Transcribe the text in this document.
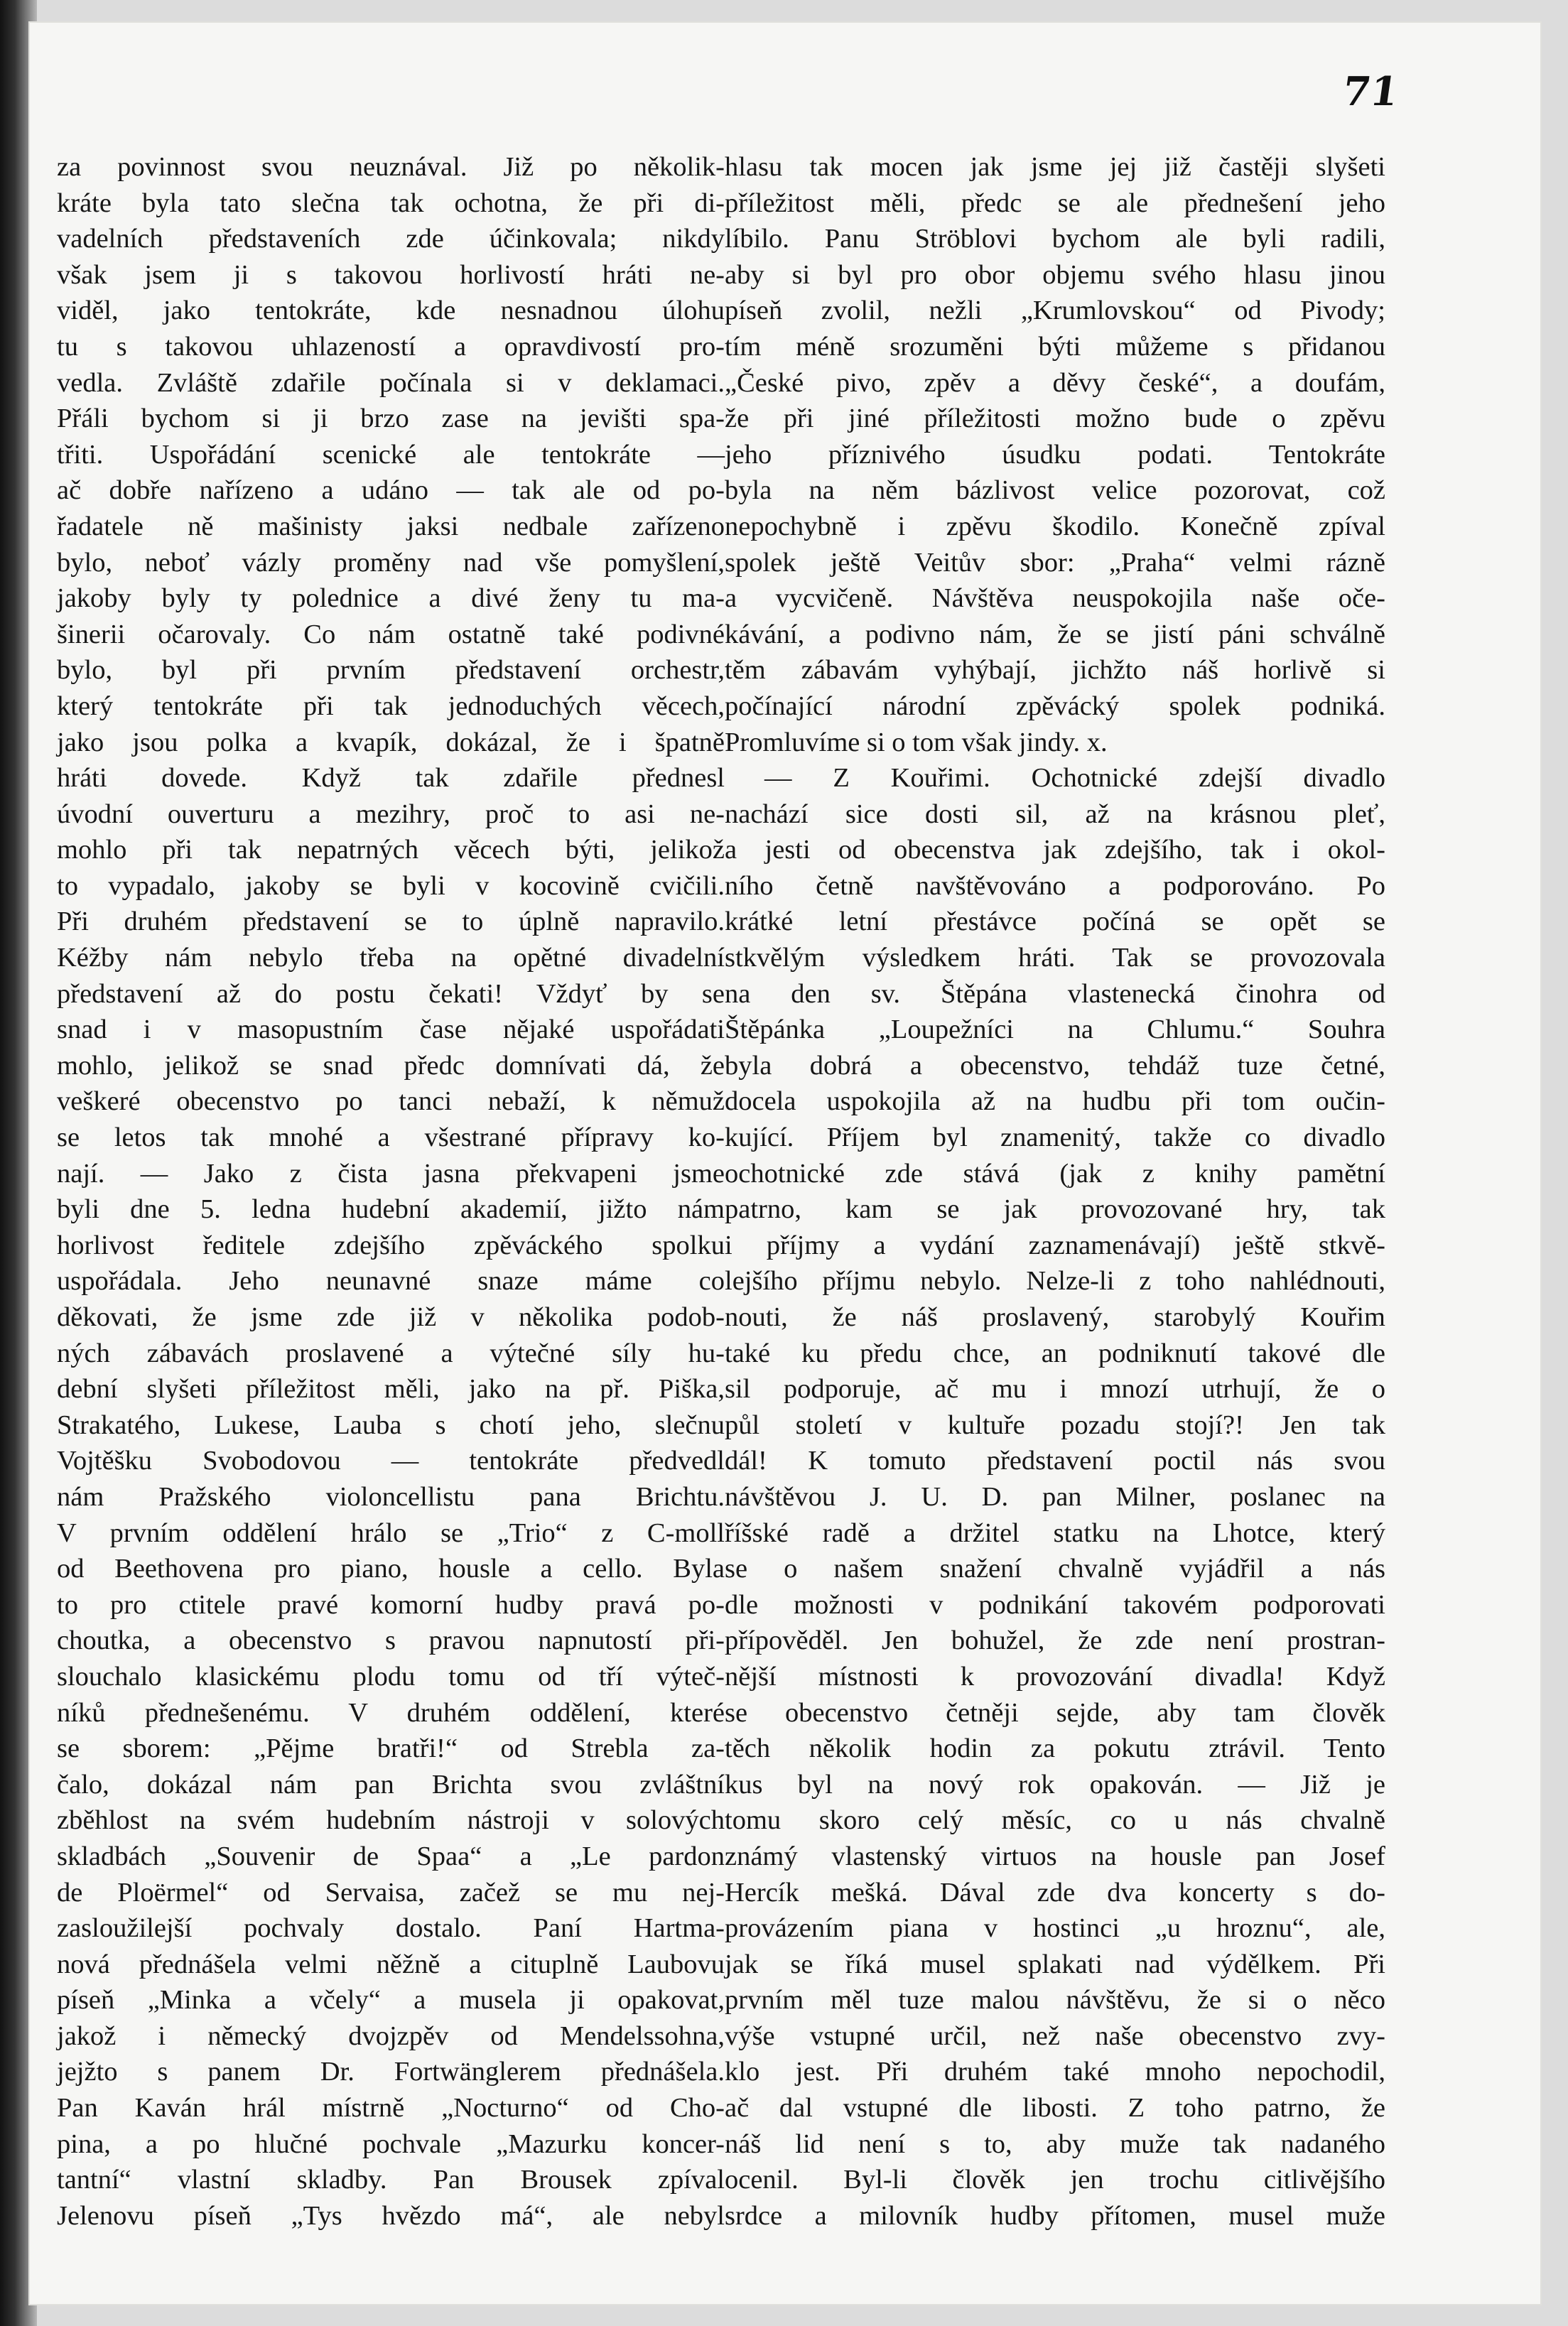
71
za povinnost svou neuznával. Již po několik-
kráte byla tato slečna tak ochotna, že při di-
vadelních představeních zde účinkovala; nikdy
však jsem ji s takovou horlivostí hráti ne-
viděl, jako tentokráte, kde nesnadnou úlohu
tu s takovou uhlazeností a opravdivostí pro-
vedla. Zvláště zdařile počínala si v deklamaci.
Přáli bychom si ji brzo zase na jevišti spa-
třiti. Uspořádání scenické ale tentokráte —
ač dobře nařízeno a udáno — tak ale od po-
řadatele ně mašinisty jaksi nedbale zařízeno
bylo, neboť vázly proměny nad vše pomyšlení,
jakoby byly ty polednice a divé ženy tu ma-
šinerii očarovaly. Co nám ostatně také podivné
bylo, byl při prvním představení orchestr,
který tentokráte při tak jednoduchých věcech,
jako jsou polka a kvapík, dokázal, že i špatně
hráti dovede. Když tak zdařile přednesl
úvodní ouverturu a mezihry, proč to asi ne-
mohlo při tak nepatrných věcech býti, jelikož
to vypadalo, jakoby se byli v kocovině cvičili.
Při druhém představení se to úplně napravilo.
Kéžby nám nebylo třeba na opětné divadelní
představení až do postu čekati! Vždyť by se
snad i v masopustním čase nějaké uspořádati
mohlo, jelikož se snad předc domnívati dá, že
veškeré obecenstvo po tanci nebaží, k němuž
se letos tak mnohé a všestrané přípravy ko-
nají. — Jako z čista jasna překvapeni jsme
byli dne 5. ledna hudební akademií, jižto nám
horlivost ředitele zdejšího zpěváckého spolku
uspořádala. Jeho neunavné snaze máme co
děkovati, že jsme zde již v několika podob-
ných zábavách proslavené a výtečné síly hu-
dební slyšeti příležitost měli, jako na př. Piška,
Strakatého, Lukese, Lauba s chotí jeho, slečnu
Vojtěšku Svobodovou — tentokráte předvedl
nám Pražského violoncellistu pana Brichtu.
V prvním oddělení hrálo se „Trio“ z C-moll
od Beethovena pro piano, housle a cello. Byla
to pro ctitele pravé komorní hudby pravá po-
choutka, a obecenstvo s pravou napnutostí při-
slouchalo klasickému plodu tomu od tří výteč-
níků přednešenému. V druhém oddělení, které
se sborem: „Pějme bratři!“ od Strebla za-
čalo, dokázal nám pan Brichta svou zvláštní
zběhlost na svém hudebním nástroji v solových
skladbách „Souvenir de Spaa“ a „Le pardon
de Ploërmel“ od Servaisa, začež se mu nej-
zasloužilejší pochvaly dostalo. Paní Hartma-
nová přednášela velmi něžně a cituplně Laubovu
píseň „Minka a včely“ a musela ji opakovat,
jakož i německý dvojzpěv od Mendelssohna,
jejžto s panem Dr. Fortwänglerem přednášela.
Pan Kaván hrál místrně „Nocturno“ od Cho-
pina, a po hlučné pochvale „Mazurku koncer-
tantní“ vlastní skladby. Pan Brousek zpíval
Jelenovu píseň „Tys hvězdo má“, ale nebyl
hlasu tak mocen jak jsme jej již častěji slyšeti
příležitost měli, předc se ale přednešení jeho
líbilo. Panu Ströblovi bychom ale byli radili,
aby si byl pro obor objemu svého hlasu jinou
píseň zvolil, nežli „Krumlovskou“ od Pivody;
tím méně srozuměni býti můžeme s přidanou
„České pivo, zpěv a děvy české“, a doufám,
že při jiné příležitosti možno bude o zpěvu
jeho příznivého úsudku podati. Tentokráte
byla na něm bázlivost velice pozorovat, což
nepochybně i zpěvu škodilo. Konečně zpíval
spolek ještě Veitův sbor: „Praha“ velmi rázně
a vycvičeně. Návštěva neuspokojila naše oče-
kávání, a podivno nám, že se jistí páni schválně
těm zábavám vyhýbají, jichžto náš horlivě si
počínající národní zpěvácký spolek podniká.
Promluvíme si o tom však jindy. x.
— Z Kouřimi. Ochotnické zdejší divadlo
nachází sice dosti sil, až na krásnou pleť,
a jesti od obecenstva jak zdejšího, tak i okol-
ního četně navštěvováno a podporováno. Po
krátké letní přestávce počíná se opět se
stkvělým výsledkem hráti. Tak se provozovala
na den sv. Štěpána vlastenecká činohra od
Štěpánka „Loupežníci na Chlumu.“ Souhra
byla dobrá a obecenstvo, tehdáž tuze četné,
docela uspokojila až na hudbu při tom oučin-
kující. Příjem byl znamenitý, takže co divadlo
ochotnické zde stává (jak z knihy pamětní
patrno, kam se jak provozované hry, tak
i příjmy a vydání zaznamenávají) ještě stkvě-
lejšího příjmu nebylo. Nelze-li z toho nahlédnouti,
nouti, že náš proslavený, starobylý Kouřim
také ku předu chce, an podniknutí takové dle
sil podporuje, ač mu i mnozí utrhují, že o
půl století v kultuře pozadu stojí?! Jen tak
dál! K tomuto představení poctil nás svou
návštěvou J. U. D. pan Milner, poslanec na
říšské radě a držitel statku na Lhotce, který
se o našem snažení chvalně vyjádřil a nás
dle možnosti v podnikání takovém podporovati
přípověděl. Jen bohužel, že zde není prostran-
nější místnosti k provozování divadla! Když
se obecenstvo četněji sejde, aby tam člověk
těch několik hodin za pokutu ztrávil. Tento
kus byl na nový rok opakován. — Již je
tomu skoro celý měsíc, co u nás chvalně
známý vlastenský virtuos na housle pan Josef
Hercík mešká. Dával zde dva koncerty s do-
provázením piana v hostinci „u hroznu“, ale,
jak se říká musel splakati nad výdělkem. Při
prvním měl tuze malou návštěvu, že si o něco
výše vstupné určil, než naše obecenstvo zvy-
klo jest. Při druhém také mnoho nepochodil,
ač dal vstupné dle libosti. Z toho patrno, že
náš lid není s to, aby muže tak nadaného
ocenil. Byl-li člověk jen trochu citlivějšího
srdce a milovník hudby přítomen, musel muže
